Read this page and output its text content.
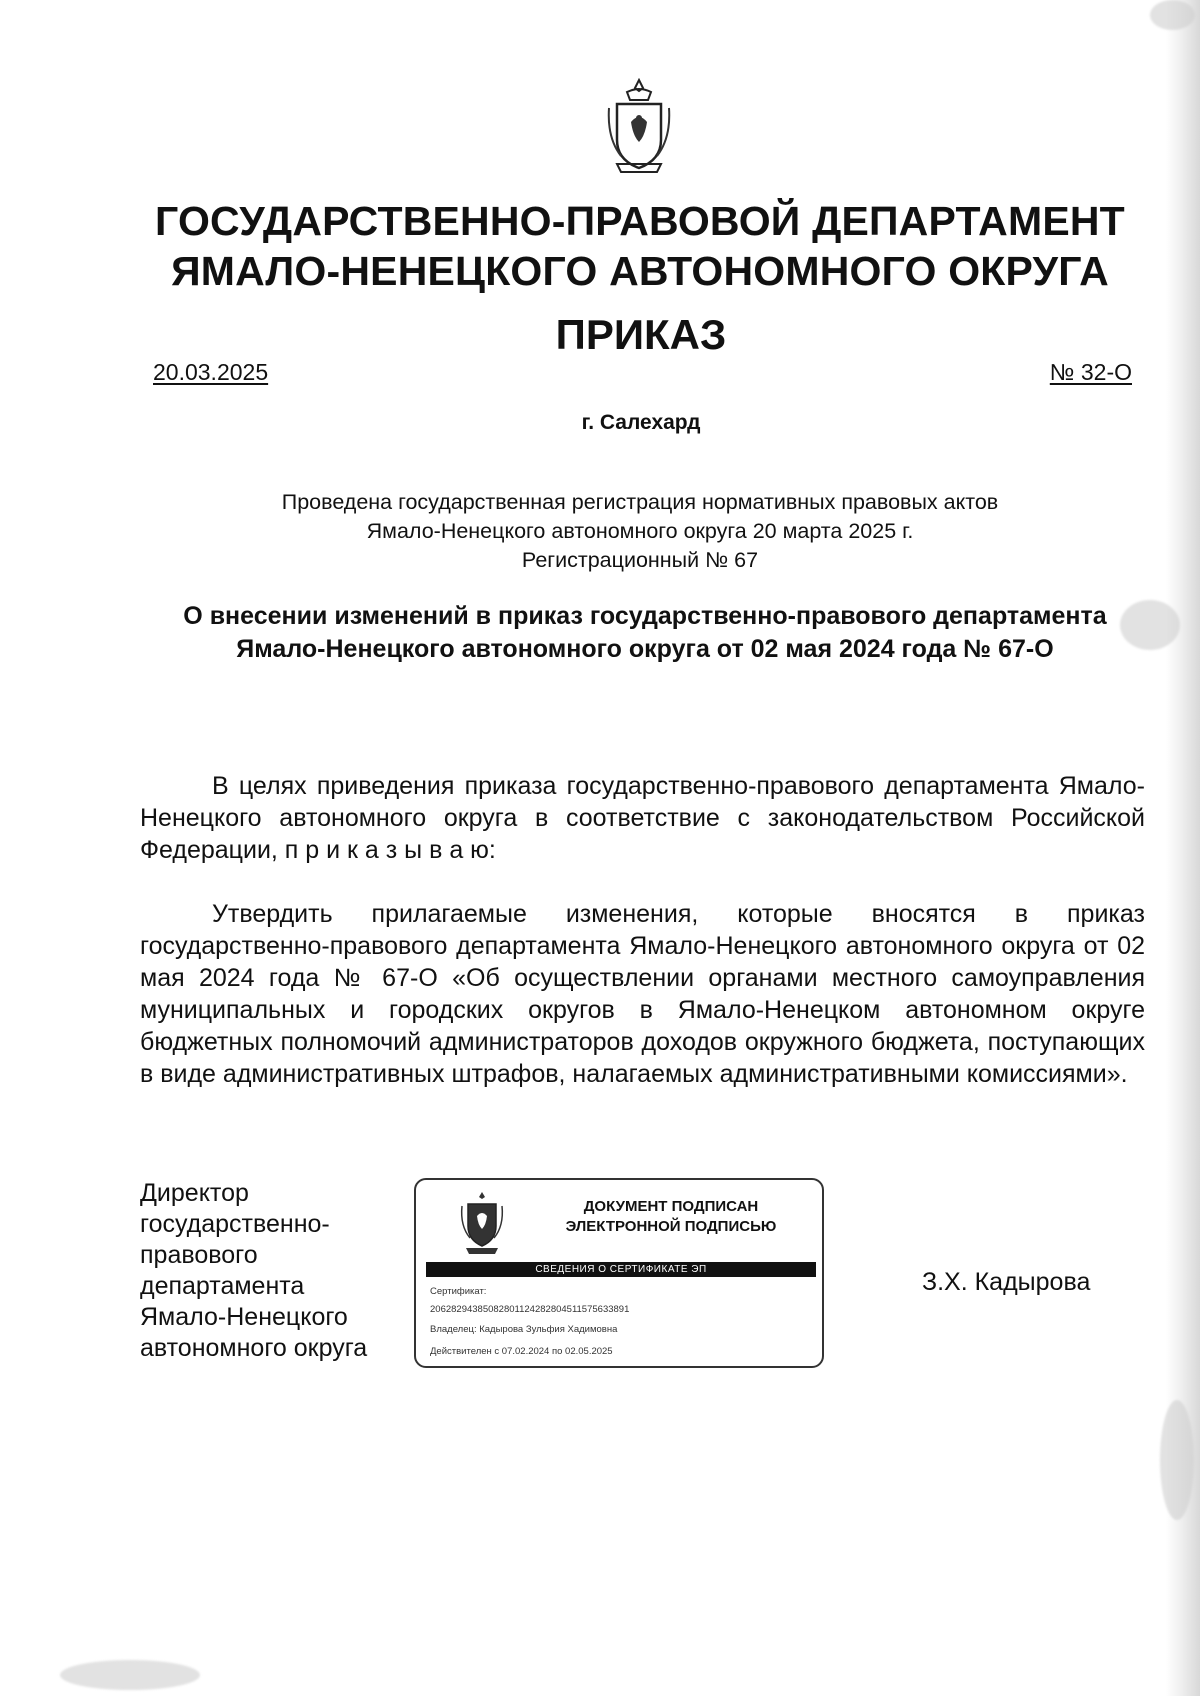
ГОСУДАРСТВЕННО-ПРАВОВОЙ ДЕПАРТАМЕНТ
ЯМАЛО-НЕНЕЦКОГО АВТОНОМНОГО ОКРУГА
ПРИКАЗ
20.03.2025	№ 32-О
г. Салехард
Проведена государственная регистрация нормативных правовых актов
Ямало-Ненецкого автономного округа 20 марта 2025 г.
Регистрационный № 67
О внесении изменений в приказ государственно-правового департамента Ямало-Ненецкого автономного округа от 02 мая 2024 года № 67-О
В целях приведения приказа государственно-правового департамента Ямало-Ненецкого автономного округа в соответствие с законодательством Российской Федерации, п р и к а з ы в а ю:
Утвердить прилагаемые изменения, которые вносятся в приказ государственно-правового департамента Ямало-Ненецкого автономного округа от 02 мая 2024 года № 67-О «Об осуществлении органами местного самоуправления муниципальных и городских округов в Ямало-Ненецком автономном округе бюджетных полномочий администраторов доходов окружного бюджета, поступающих в виде административных штрафов, налагаемых административными комиссиями».
Директор государственно-правового департамента Ямало-Ненецкого автономного округа
ДОКУМЕНТ ПОДПИСАН
ЭЛЕКТРОННОЙ ПОДПИСЬЮ
СВЕДЕНИЯ О СЕРТИФИКАТЕ ЭП
Сертификат:
20628294385082801124282804511575633891
Владелец: Кадырова Зульфия Хадимовна
Действителен с 07.02.2024 по 02.05.2025
З.Х. Кадырова
